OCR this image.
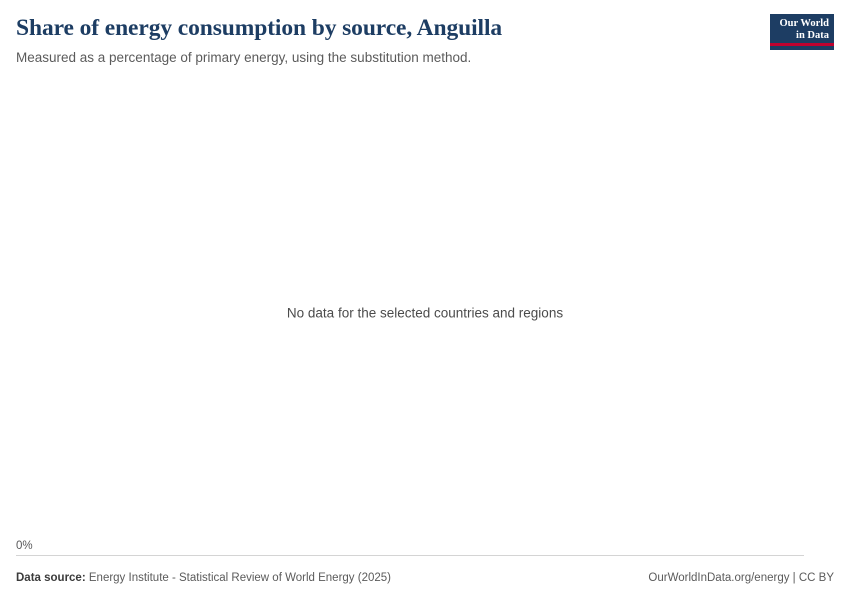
Share of energy consumption by source, Anguilla

Measured as a percentage of primary energy, using the substitution method.

Our World
in Data
No data for the selected countries and regions
0%
Data source: Energy Institute - Statistical Review of World Energy (2025)	OurWorldInData.org/energy | CC BY
